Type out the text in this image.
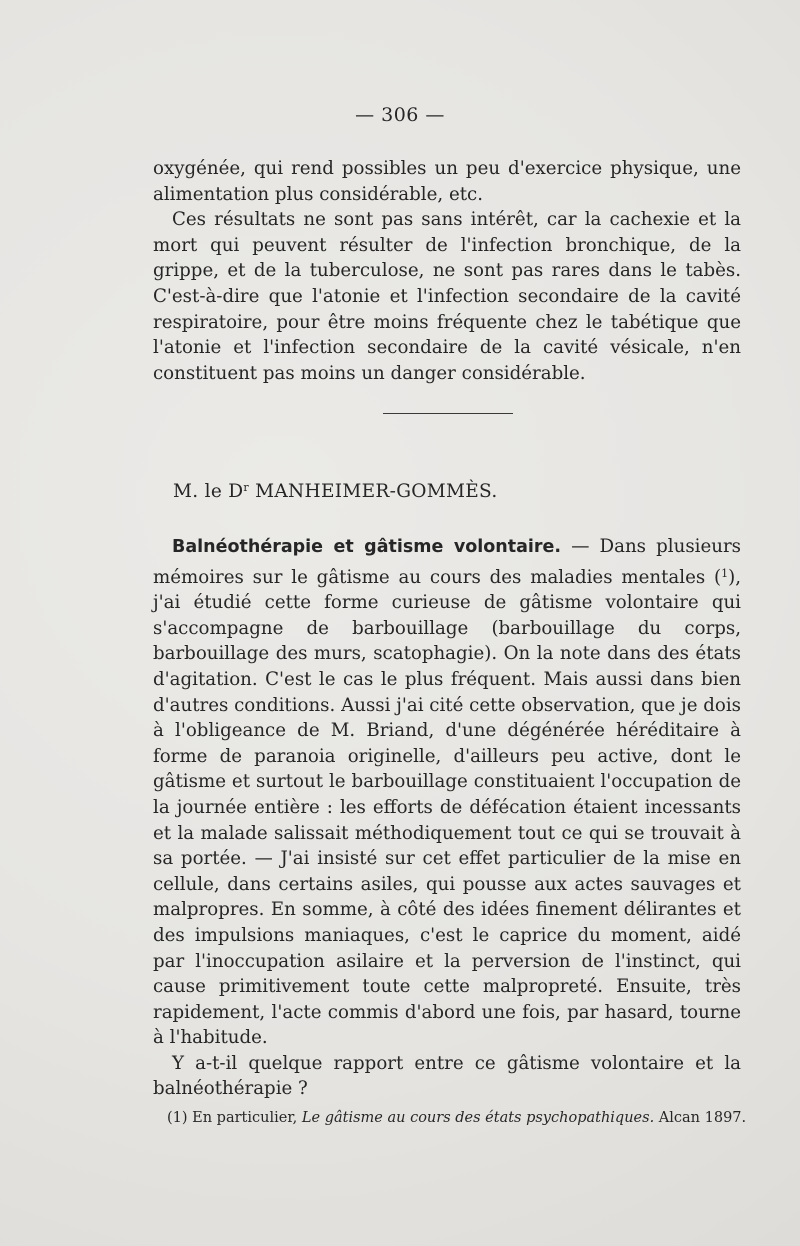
— 306 —

oxygénée, qui rend possibles un peu d'exercice physique, une alimentation plus considérable, etc.

Ces résultats ne sont pas sans intérêt, car la cachexie et la mort qui peuvent résulter de l'infection bronchique, de la grippe, et de la tuberculose, ne sont pas rares dans le tabès. C'est-à-dire que l'atonie et l'infection secondaire de la cavité respiratoire, pour être moins fréquente chez le tabétique que l'atonie et l'infection secondaire de la cavité vésicale, n'en constituent pas moins un danger considérable.

M. le $D^r$ MANHEIMER-GOMMÈS.

Balnéothérapie et gâtisme volontaire. — Dans plusieurs mémoires sur le gâtisme au cours des maladies mentales ($^1$), j'ai étudié cette forme curieuse de gâtisme volontaire qui s'accompagne de barbouillage (barbouillage du corps, barbouillage des murs, scatophagie). On la note dans des états d'agitation. C'est le cas le plus fréquent. Mais aussi dans bien d'autres conditions. Aussi j'ai cité cette observation, que je dois à l'obligeance de M. Briand, d'une dégénérée héréditaire à forme de paranoia originelle, d'ailleurs peu active, dont le gâtisme et surtout le barbouillage constituaient l'occupation de la journée entière : les efforts de défécation étaient incessants et la malade salissait méthodiquement tout ce qui se trouvait à sa portée. — J'ai insisté sur cet effet particulier de la mise en cellule, dans certains asiles, qui pousse aux actes sauvages et malpropres. En somme, à côté des idées finement délirantes et des impulsions maniaques, c'est le caprice du moment, aidé par l'inoccupation asilaire et la perversion de l'instinct, qui cause primitivement toute cette malpropreté. Ensuite, très rapidement, l'acte commis d'abord une fois, par hasard, tourne à l'habitude.

Y a-t-il quelque rapport entre ce gâtisme volontaire et la balnéothérapie ?

(1) En particulier, Le gâtisme au cours des états psychopathiques. Alcan 1897.
